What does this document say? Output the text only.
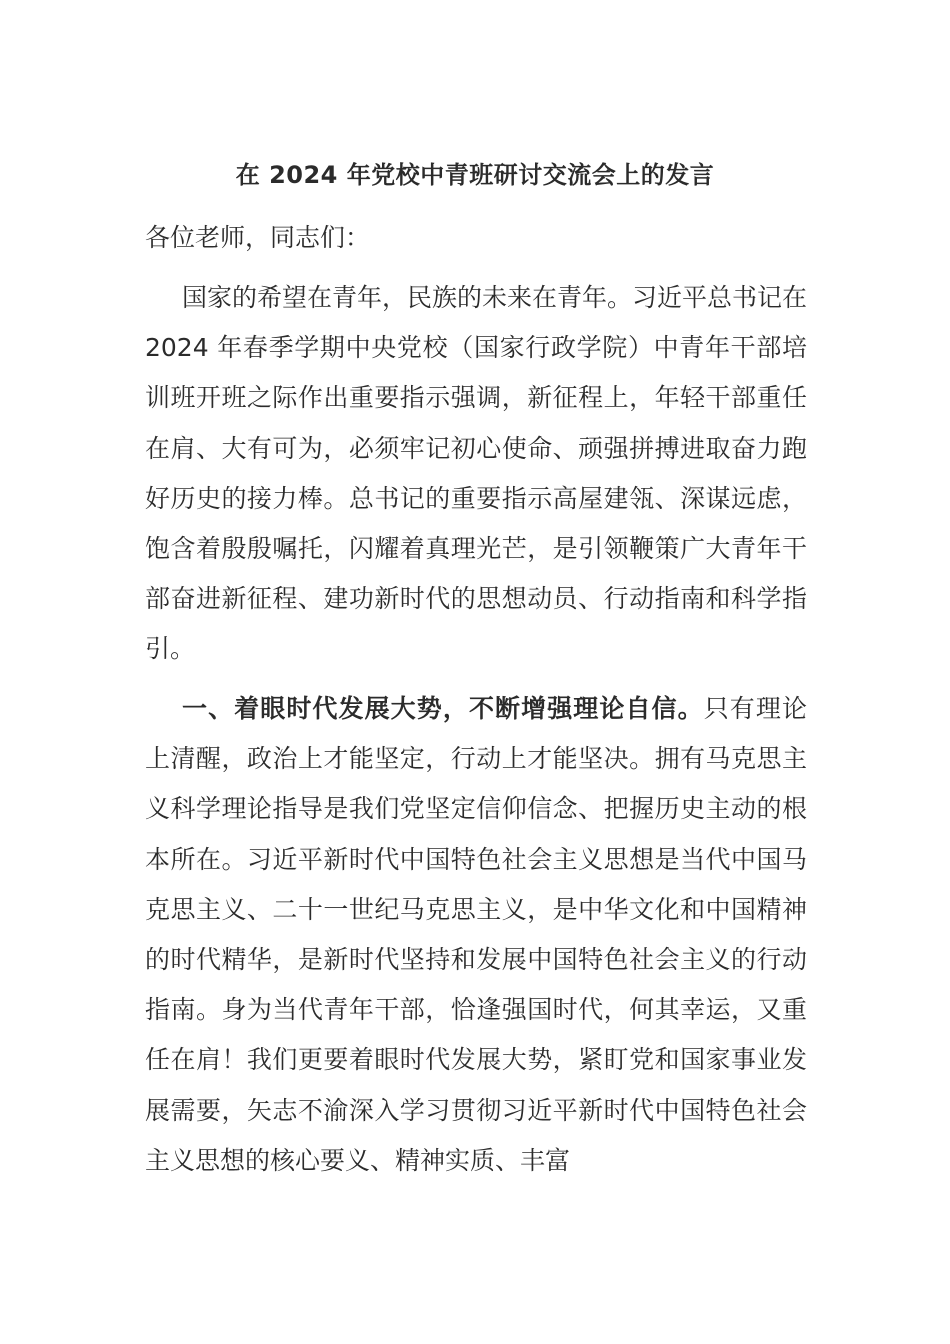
在 2024 年党校中青班研讨交流会上的发言

各位老师，同志们：

国家的希望在青年，民族的未来在青年。习近平总书记在 2024 年春季学期中央党校（国家行政学院）中青年干部培训班开班之际作出重要指示强调，新征程上，年轻干部重任在肩、大有可为，必须牢记初心使命、顽强拼搏进取奋力跑好历史的接力棒。总书记的重要指示高屋建瓴、深谋远虑，饱含着殷殷嘱托，闪耀着真理光芒，是引领鞭策广大青年干部奋进新征程、建功新时代的思想动员、行动指南和科学指引。

一、着眼时代发展大势，不断增强理论自信。只有理论上清醒，政治上才能坚定，行动上才能坚决。拥有马克思主义科学理论指导是我们党坚定信仰信念、把握历史主动的根本所在。习近平新时代中国特色社会主义思想是当代中国马克思主义、二十一世纪马克思主义，是中华文化和中国精神的时代精华，是新时代坚持和发展中国特色社会主义的行动指南。身为当代青年干部，恰逢强国时代，何其幸运，又重任在肩！我们更要着眼时代发展大势，紧盯党和国家事业发展需要，矢志不渝深入学习贯彻习近平新时代中国特色社会主义思想的核心要义、精神实质、丰富
